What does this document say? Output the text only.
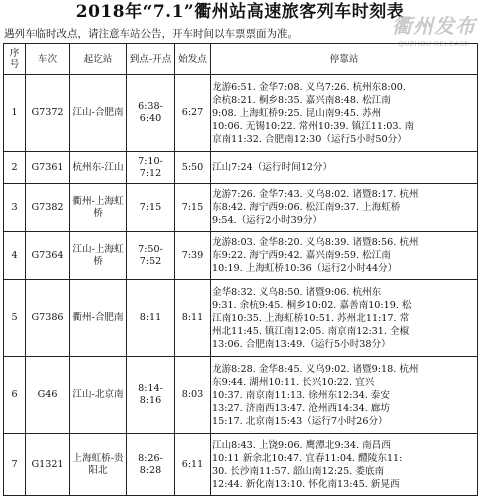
2018年“7.1”衢州站高速旅客列车时刻表
衢州发布
QUZHOU RELEASE
遇列车临时改点，请注意车站公告，开车时间以车票票面为准。
序号	车次	起讫站	到点-开点	始发点	停靠站
1	G7372	江山-合肥南	6:38-6:40	6:27	龙游6:51. 金华7:08. 义乌7:26. 杭州东8:00.
余杭8:21. 桐乡8:35. 嘉兴南8:48. 松江南
9:08. 上海虹桥9:25. 昆山南9:45. 苏州
10:06. 无锡10:22. 常州10:39. 镇江11:03. 南
京南11:32. 合肥南12:30（运行5小时50分）
2	G7361	杭州东-江山	7:10-7:12	5:50	江山7:24（运行时间12分）
3	G7382	衢州-上海虹桥	7:15	7:15	龙游7:26. 金华7:43. 义乌8:02. 诸暨8:17. 杭州
东8:42. 海宁西9:06. 松江南9:37. 上海虹桥
9:54.（运行2小时39分）
4	G7364	江山-上海虹桥	7:50-7:52	7:39	龙游8:03. 金华8:20. 义乌8:39. 诸暨8:56. 杭州
东9:22. 海宁西9:42. 嘉兴南9:59. 松江南
10:19. 上海虹桥10:36（运行2小时44分）
5	G7386	衢州-合肥南	8:11	8:11	金华8:32. 义乌8:50. 诸暨9:06. 杭州东
9:31. 余杭9:45. 桐乡10:02. 嘉善南10:19. 松
江南10:35. 上海虹桥10:51. 苏州北11:17. 常
州北11:45. 镇江南12:05. 南京南12:31. 全椒
13:06. 合肥南13:49.（运行5小时38分）
6	G46	江山-北京南	8:14-8:16	8:03	龙游8:28. 金华8:45. 义乌9:02. 诸暨9:18. 杭州
东9:44. 湖州10:11. 长兴10:22. 宜兴
10:37. 南京南11:13. 徐州东12:34. 泰安
13:27. 济南西13:47. 沧州西14:34. 廊坊
15:17. 北京南15:43（运行7小时26分）
7	G1321	上海虹桥-贵阳北	8:26-8:28	6:11	江山8:43. 上饶9:06. 鹰潭北9:34. 南昌西
10:11 新余北10:47. 宜春11:04. 醴陵东11:
30. 长沙南11:57. 韶山南12:25. 娄底南
12:44. 新化南13:10. 怀化南13:45. 新晃西
